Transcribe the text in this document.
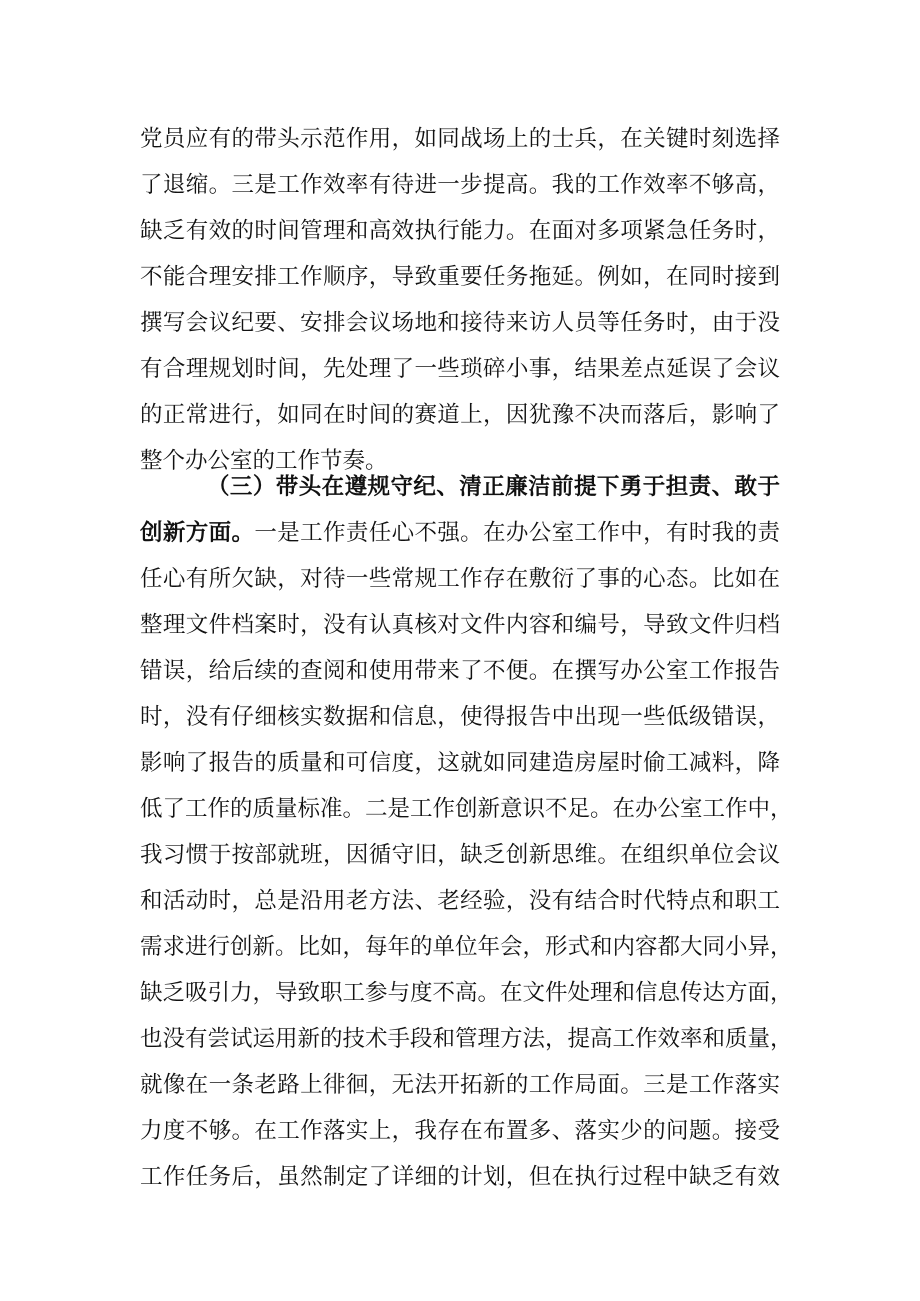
党员应有的带头示范作用，如同战场上的士兵，在关键时刻选择
了退缩。三是工作效率有待进一步提高。我的工作效率不够高，
缺乏有效的时间管理和高效执行能力。在面对多项紧急任务时，
不能合理安排工作顺序，导致重要任务拖延。例如，在同时接到
撰写会议纪要、安排会议场地和接待来访人员等任务时，由于没
有合理规划时间，先处理了一些琐碎小事，结果差点延误了会议
的正常进行，如同在时间的赛道上，因犹豫不决而落后，影响了
整个办公室的工作节奏。
（三）带头在遵规守纪、清正廉洁前提下勇于担责、敢于
创新方面。一是工作责任心不强。在办公室工作中，有时我的责
任心有所欠缺，对待一些常规工作存在敷衍了事的心态。比如在
整理文件档案时，没有认真核对文件内容和编号，导致文件归档
错误，给后续的查阅和使用带来了不便。在撰写办公室工作报告
时，没有仔细核实数据和信息，使得报告中出现一些低级错误，
影响了报告的质量和可信度，这就如同建造房屋时偷工减料，降
低了工作的质量标准。二是工作创新意识不足。在办公室工作中，
我习惯于按部就班，因循守旧，缺乏创新思维。在组织单位会议
和活动时，总是沿用老方法、老经验，没有结合时代特点和职工
需求进行创新。比如，每年的单位年会，形式和内容都大同小异，
缺乏吸引力，导致职工参与度不高。在文件处理和信息传达方面，
也没有尝试运用新的技术手段和管理方法，提高工作效率和质量，
就像在一条老路上徘徊，无法开拓新的工作局面。三是工作落实
力度不够。在工作落实上，我存在布置多、落实少的问题。接受
工作任务后，虽然制定了详细的计划，但在执行过程中缺乏有效
